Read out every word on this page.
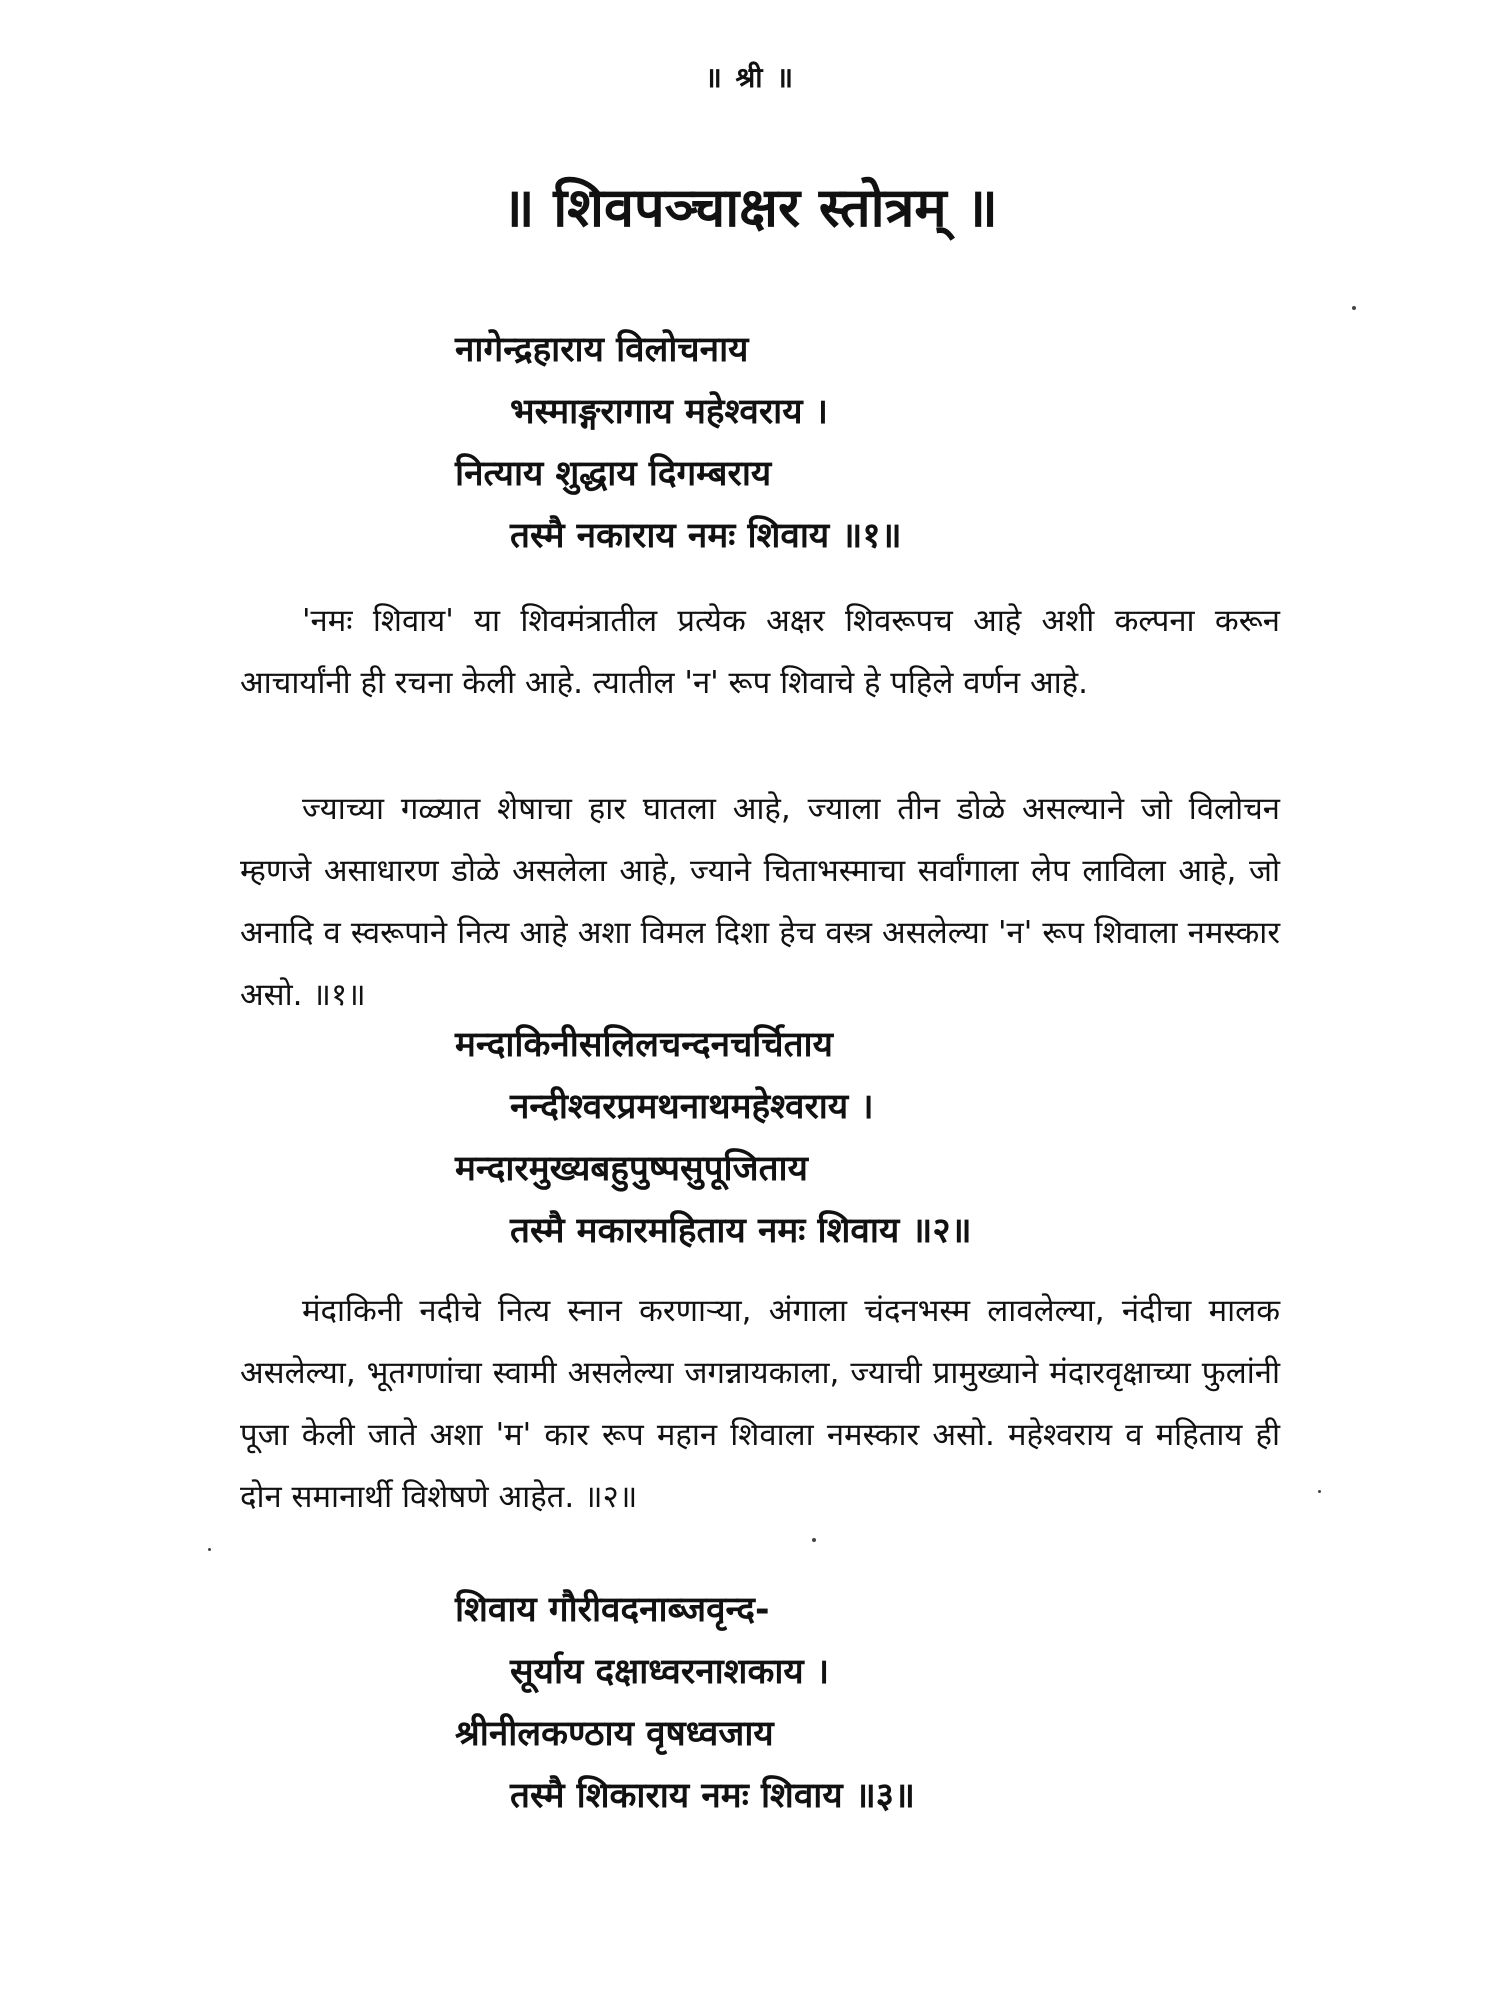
॥ श्री ॥
॥ शिवपञ्चाक्षर स्तोत्रम् ॥
नागेन्द्रहाराय विलोचनाय
भस्माङ्गरागाय महेश्वराय ।
नित्याय शुद्धाय दिगम्बराय
तस्मै नकाराय नमः शिवाय ॥१॥

'नमः शिवाय' या शिवमंत्रातील प्रत्येक अक्षर शिवरूपच आहे अशी कल्पना करून आचार्यांनी ही रचना केली आहे. त्यातील 'न' रूप शिवाचे हे पहिले वर्णन आहे.

ज्याच्या गळ्यात शेषाचा हार घातला आहे, ज्याला तीन डोळे असल्याने जो विलोचन म्हणजे असाधारण डोळे असलेला आहे, ज्याने चिताभस्माचा सर्वांगाला लेप लाविला आहे, जो अनादि व स्वरूपाने नित्य आहे अशा विमल दिशा हेच वस्त्र असलेल्या 'न' रूप शिवाला नमस्कार असो. ॥१॥

मन्दाकिनीसलिलचन्दनचर्चिताय
नन्दीश्वरप्रमथनाथमहेश्वराय ।
मन्दारमुख्यबहुपुष्पसुपूजिताय
तस्मै मकारमहिताय नमः शिवाय ॥२॥

मंदाकिनी नदीचे नित्य स्नान करणाऱ्या, अंगाला चंदनभस्म लावलेल्या, नंदीचा मालक असलेल्या, भूतगणांचा स्वामी असलेल्या जगन्नायकाला, ज्याची प्रामुख्याने मंदारवृक्षाच्या फुलांनी पूजा केली जाते अशा 'म' कार रूप महान शिवाला नमस्कार असो. महेश्वराय व महिताय ही दोन समानार्थी विशेषणे आहेत. ॥२॥

शिवाय गौरीवदनाब्जवृन्द-
सूर्याय दक्षाध्वरनाशकाय ।
श्रीनीलकण्ठाय वृषध्वजाय
तस्मै शिकाराय नमः शिवाय ॥३॥
